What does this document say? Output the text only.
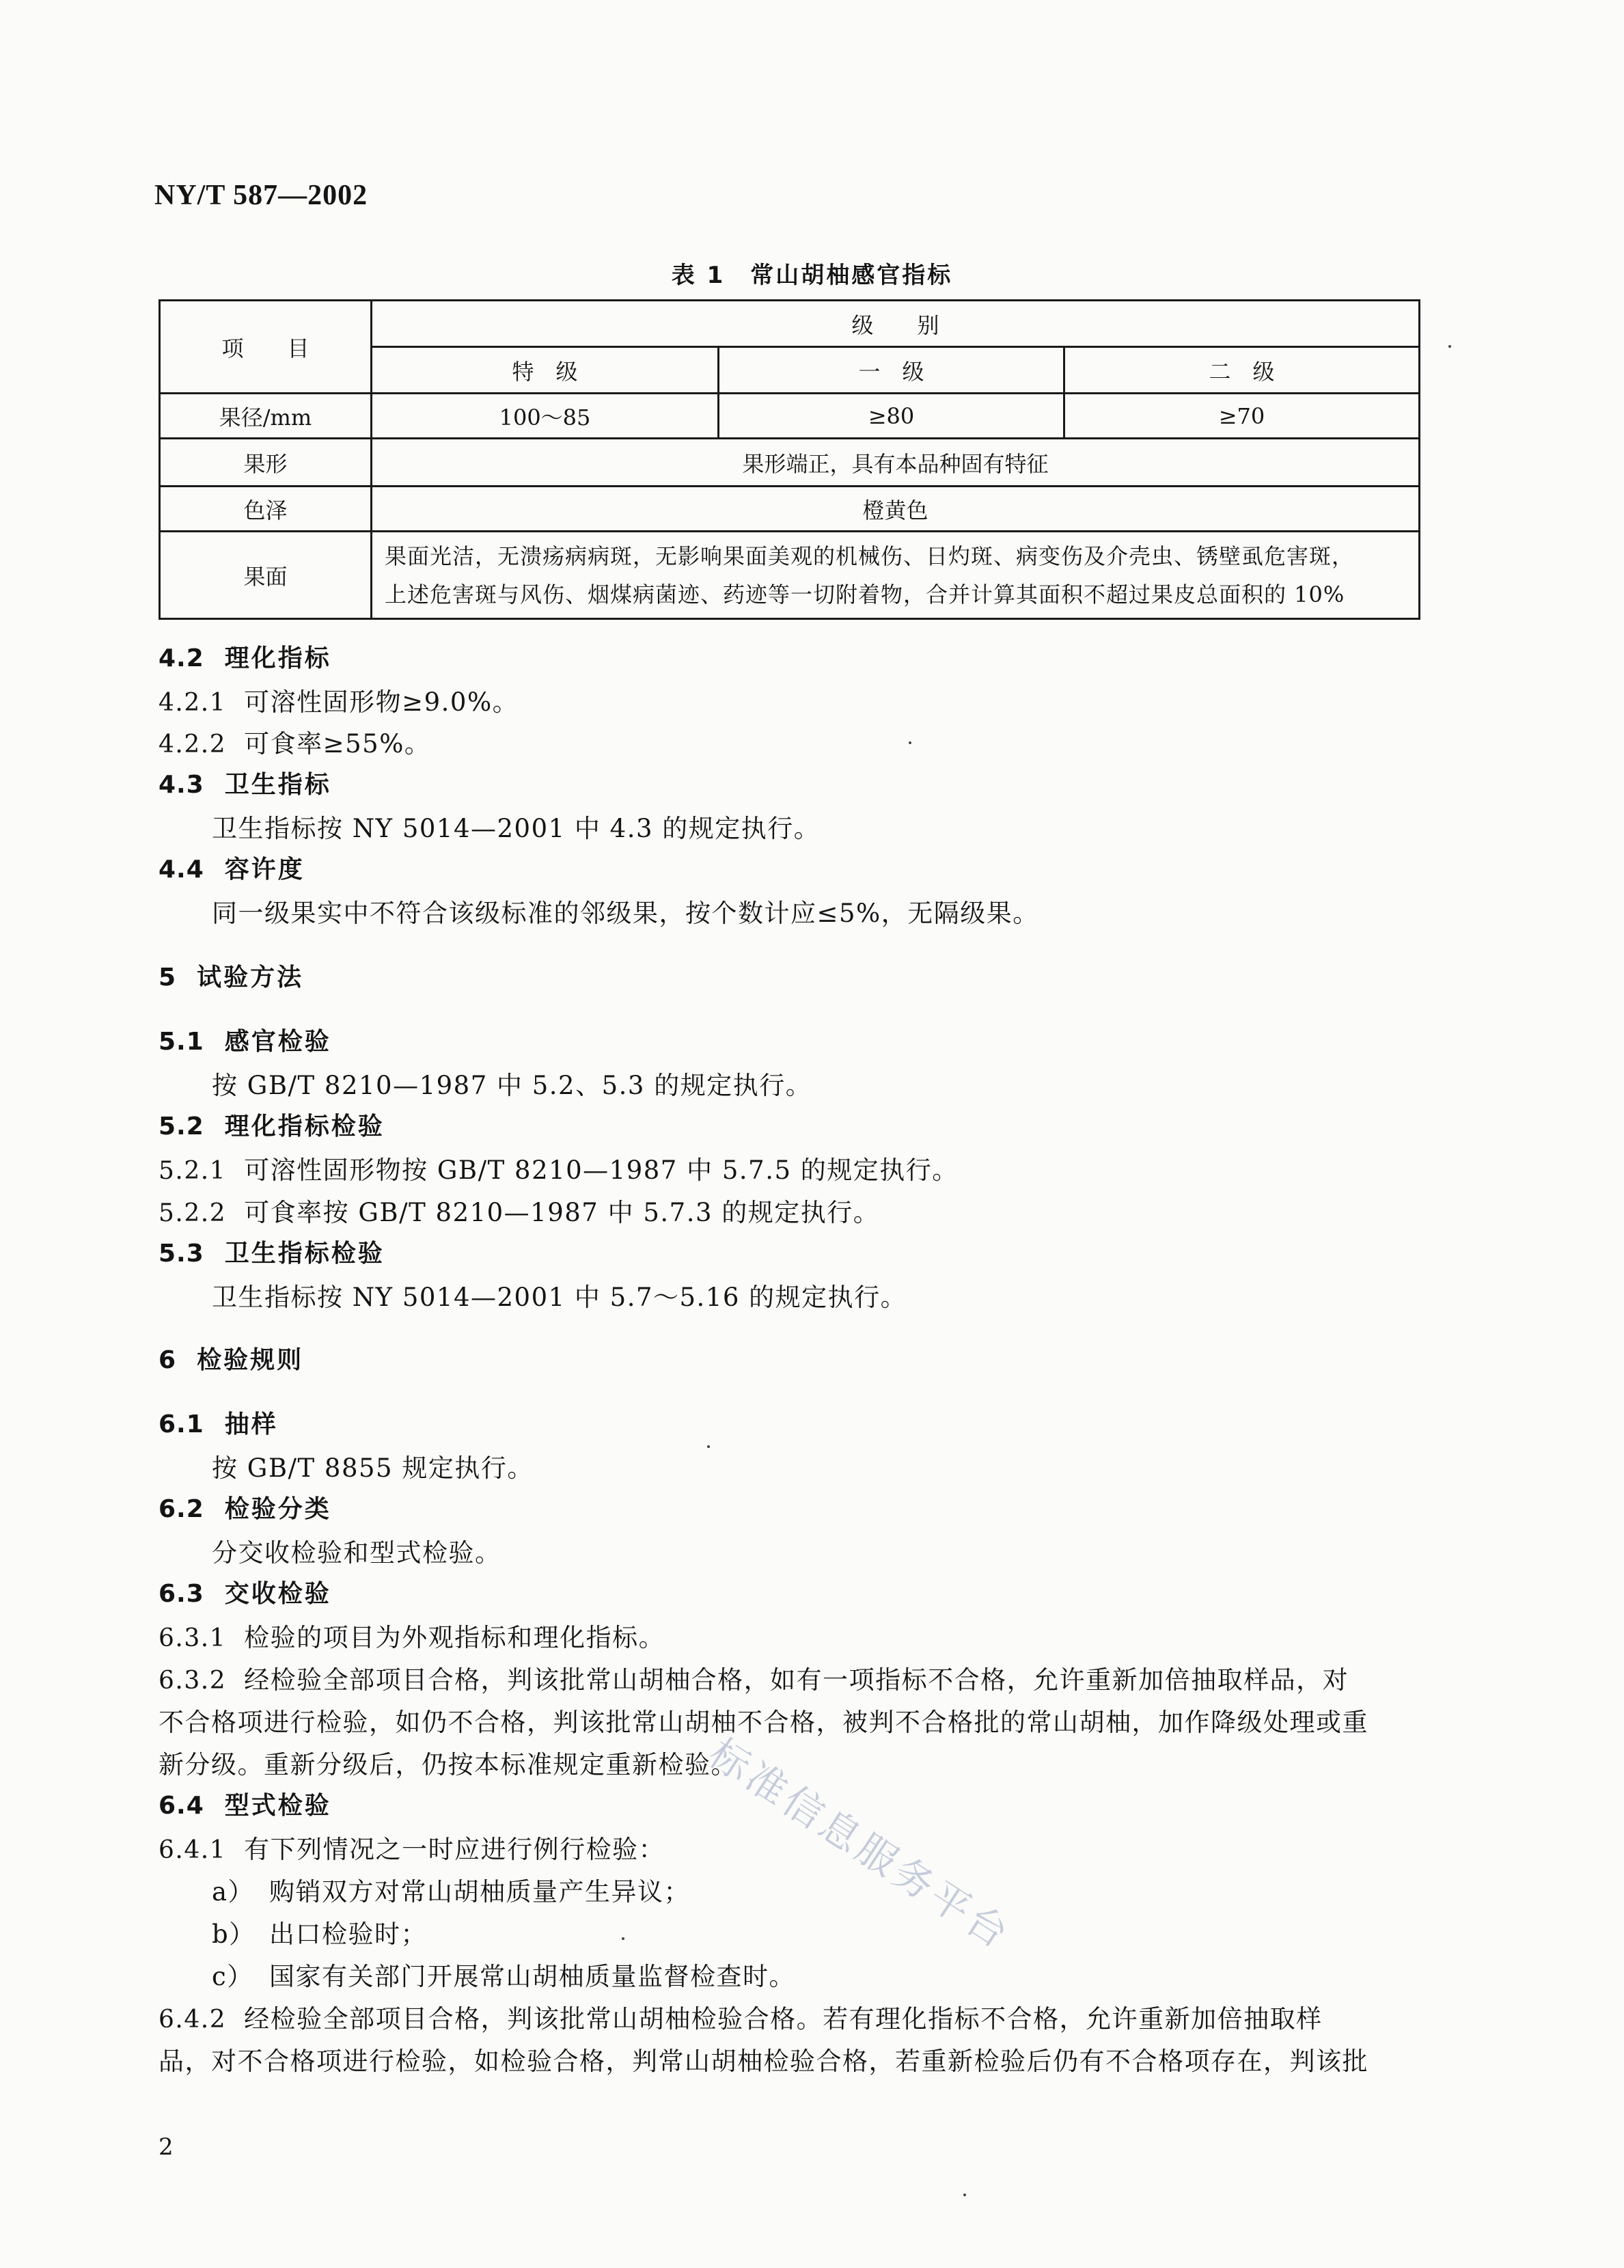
NY/T 587—2002
表 1　常山胡柚感官指标
项　　目	级　　别		
	特　级	一　级	二　级
果径/mm	100～85	≥80	≥70
果形	果形端正，具有本品种固有特征		
色泽	橙黄色		
果面	果面光洁，无溃疡病病斑，无影响果面美观的机械伤、日灼斑、病变伤及介壳虫、锈壁虱危害斑，
上述危害斑与风伤、烟煤病菌迹、药迹等一切附着物，合并计算其面积不超过果皮总面积的 10%		
4.2 理化指标
4.2.1 可溶性固形物≥9.0%。
4.2.2 可食率≥55%。
4.3 卫生指标
卫生指标按 NY 5014—2001 中 4.3 的规定执行。
4.4 容许度
同一级果实中不符合该级标准的邻级果，按个数计应≤5%，无隔级果。
5 试验方法
5.1 感官检验
按 GB/T 8210—1987 中 5.2、5.3 的规定执行。
5.2 理化指标检验
5.2.1 可溶性固形物按 GB/T 8210—1987 中 5.7.5 的规定执行。
5.2.2 可食率按 GB/T 8210—1987 中 5.7.3 的规定执行。
5.3 卫生指标检验
卫生指标按 NY 5014—2001 中 5.7～5.16 的规定执行。
6 检验规则
6.1 抽样
按 GB/T 8855 规定执行。
6.2 检验分类
分交收检验和型式检验。
6.3 交收检验
6.3.1 检验的项目为外观指标和理化指标。
6.3.2 经检验全部项目合格，判该批常山胡柚合格，如有一项指标不合格，允许重新加倍抽取样品，对
不合格项进行检验，如仍不合格，判该批常山胡柚不合格，被判不合格批的常山胡柚，加作降级处理或重
新分级。重新分级后，仍按本标准规定重新检验。
6.4 型式检验
6.4.1 有下列情况之一时应进行例行检验：
a） 购销双方对常山胡柚质量产生异议；
b） 出口检验时；
c） 国家有关部门开展常山胡柚质量监督检查时。
6.4.2 经检验全部项目合格，判该批常山胡柚检验合格。若有理化指标不合格，允许重新加倍抽取样
品，对不合格项进行检验，如检验合格，判常山胡柚检验合格，若重新检验后仍有不合格项存在，判该批
标准信息服务平台
2
